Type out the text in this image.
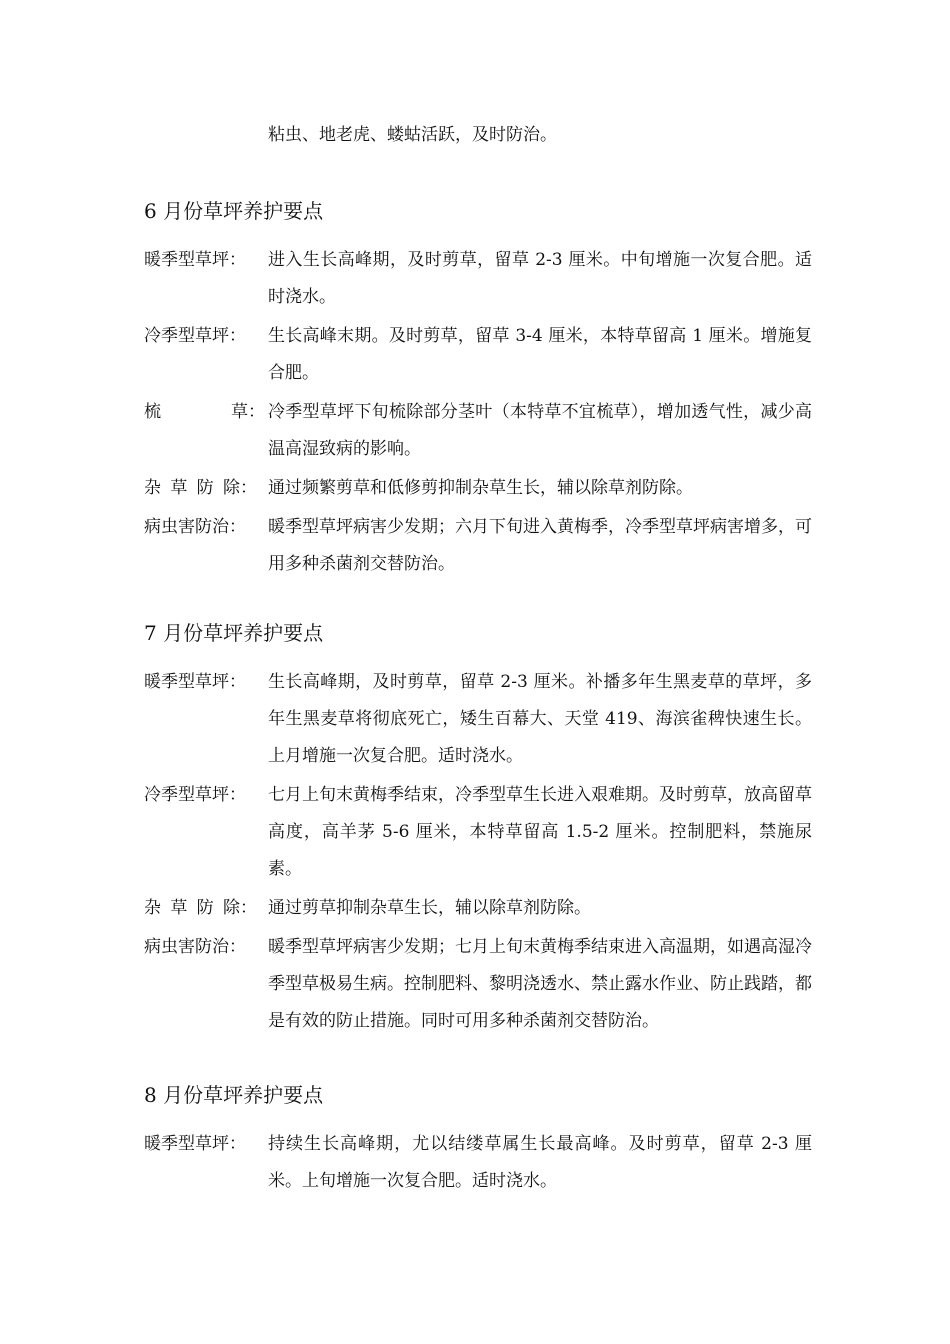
粘虫、地老虎、蝼蛄活跃，及时防治。
6 月份草坪养护要点
暖季型草坪 ： 进入生长高峰期，及时剪草，留草 2-3 厘米。中旬增施一次复合肥。适时浇水。
冷季型草坪 ： 生长高峰末期。及时剪草，留草 3-4 厘米，本特草留高 1 厘米。增施复合肥。
梳	草 ： 冷季型草坪下旬梳除部分茎叶（本特草不宜梳草），增加透气性，减少高温高湿致病的影响。
杂 草 防 除 ： 通过频繁剪草和低修剪抑制杂草生长，辅以除草剂防除。
病虫害防治 ： 暖季型草坪病害少发期；六月下旬进入黄梅季，冷季型草坪病害增多，可用多种杀菌剂交替防治。
7 月份草坪养护要点
暖季型草坪 ： 生长高峰期，及时剪草，留草 2-3 厘米。补播多年生黑麦草的草坪，多年生黑麦草将彻底死亡，矮生百幕大、天堂 419、海滨雀稗快速生长。上月增施一次复合肥。适时浇水。
冷季型草坪 ： 七月上旬末黄梅季结束，冷季型草生长进入艰难期。及时剪草，放高留草高度，高羊茅 5-6 厘米，本特草留高 1.5-2 厘米。控制肥料，禁施尿素。
杂 草 防 除 ： 通过剪草抑制杂草生长，辅以除草剂防除。
病虫害防治 ： 暖季型草坪病害少发期；七月上旬末黄梅季结束进入高温期，如遇高湿冷季型草极易生病。控制肥料、黎明浇透水、禁止露水作业、防止践踏，都是有效的防止措施。同时可用多种杀菌剂交替防治。
8 月份草坪养护要点
暖季型草坪 ： 持续生长高峰期，尤以结缕草属生长最高峰。及时剪草，留草 2-3 厘米。上旬增施一次复合肥。适时浇水。
